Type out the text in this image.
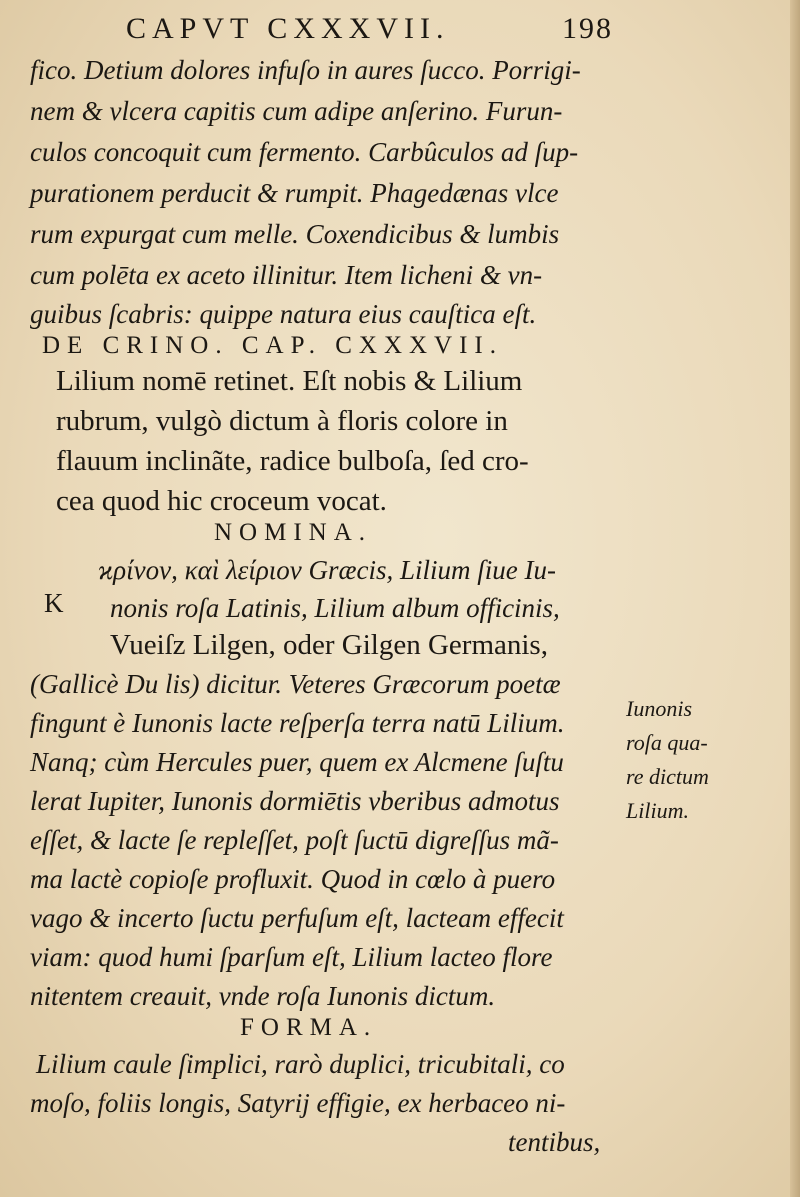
CAPVT CXXXVII.	198
fico. Detium dolores infuſo in aures ſucco. Porrigi-
nem & vlcera capitis cum adipe anſerino. Furun-
culos concoquit cum fermento. Carbûculos ad ſup-
purationem perducit & rumpit. Phagedænas vlce
rum expurgat cum melle. Coxendicibus & lumbis
cum polēta ex aceto illinitur. Item licheni & vn-
guibus ſcabris: quippe natura eius cauſtica eſt.
DE CRINO. CAP. CXXXVII.
Lilium nomē retinet. Eſt nobis & Lilium
rubrum, vulgò dictum à floris colore in
flauum inclinãte, radice bulboſa, ſed cro-
cea quod hic croceum vocat.
NOMINA.
ϰρίνον, καὶ λείριον Græcis, Lilium ſiue Iu-
K nonis roſa Latinis, Lilium album officinis,
Vueiſz Lilgen, oder Gilgen Germanis,
(Gallicè Du lis) dicitur. Veteres Græcorum poetæ
fingunt è Iunonis lacte reſperſa terra natū Lilium.
Nanq; cùm Hercules puer, quem ex Alcmene ſuſtu
lerat Iupiter, Iunonis dormiētis vberibus admotus
eſſet, & lacte ſe repleſſet, poſt ſuctū digreſſus mã-
ma lactè copioſe profluxit. Quod in cœlo à puero
vago & incerto ſuctu perfuſum eſt, lacteam effecit
viam: quod humi ſparſum eſt, Lilium lacteo flore
nitentem creauit, vnde roſa Iunonis dictum.
FORMA.
Lilium caule ſimplici, rarò duplici, tricubitali, co
moſo, foliis longis, Satyrij effigie, ex herbaceo ni-
tentibus,
Iunonis
roſa qua-
re dictum
Lilium.
